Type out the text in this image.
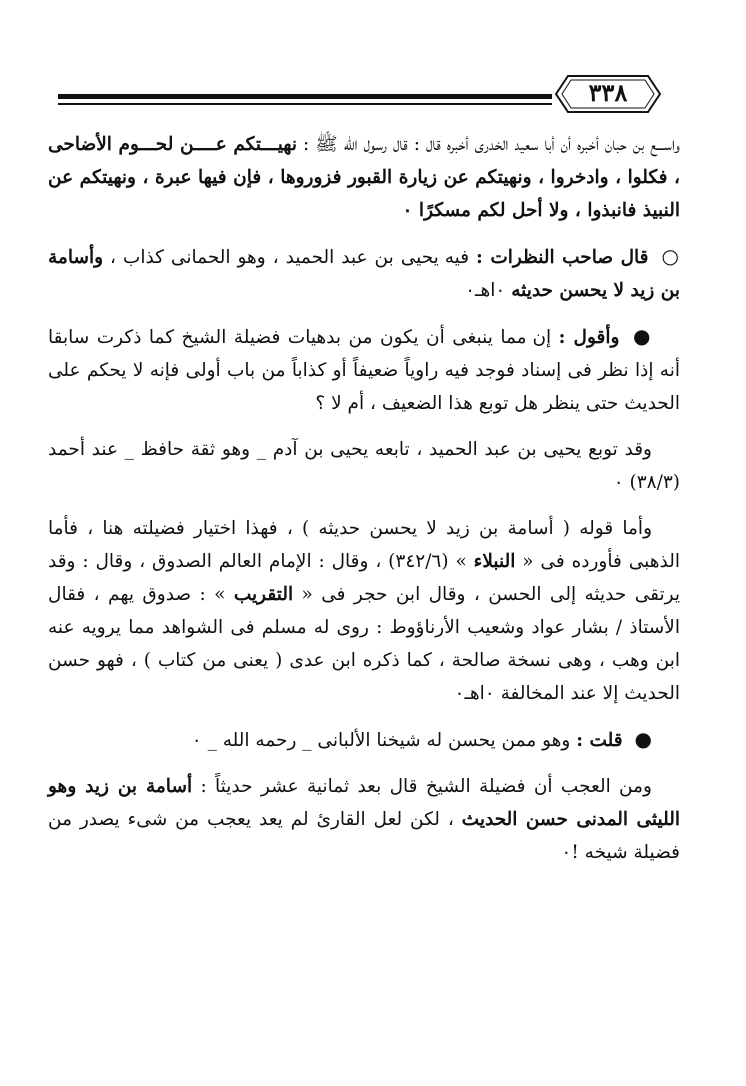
٣٣٨

واســـع بن حبان أخبره أن أبا سعيد الخدرى أخبره قال : قال رسول الله ﷺ : نهيـــتكم عــــن لحـــوم الأضاحى ، فكلوا ، وادخروا ، ونهيتكم عن زيارة القبور فزوروها ، فإن فيها عبرة ، ونهيتكم عن النبيذ فانبذوا ، ولا أحل لكم مسكرًا ٠

○ قال صاحب النظرات : فيه يحيى بن عبد الحميد ، وهو الحمانى كذاب ، وأسامة بن زيد لا يحسن حديثه ٠اهـ٠

● وأقول : إن مما ينبغى أن يكون من بدهيات فضيلة الشيخ كما ذكرت سابقا أنه إذا نظر فى إسناد فوجد فيه راوياً ضعيفاً أو كذاباً من باب أولى فإنه لا يحكم على الحديث حتى ينظر هل توبع هذا الضعيف ، أم لا ؟

وقد توبع يحيى بن عبد الحميد ، تابعه يحيى بن آدم _ وهو ثقة حافظ _ عند أحمد (٣٨/٣) ٠

وأما قوله ( أسامة بن زيد لا يحسن حديثه ) ، فهذا اختيار فضيلته هنا ، فأما الذهبى فأورده فى « النبلاء » (٣٤٢/٦) ، وقال : الإمام العالم الصدوق ، وقال : وقد يرتقى حديثه إلى الحسن ، وقال ابن حجر فى « التقريب » : صدوق يهم ، فقال الأستاذ / بشار عواد وشعيب الأرناؤوط : روى له مسلم فى الشواهد مما يرويه عنه ابن وهب ، وهى نسخة صالحة ، كما ذكره ابن عدى ( يعنى من كتاب ) ، فهو حسن الحديث إلا عند المخالفة ٠اهـ٠

● قلت : وهو ممن يحسن له شيخنا الألبانى _ رحمه الله _ ٠

ومن العجب أن فضيلة الشيخ قال بعد ثمانية عشر حديثاً : أسامة بن زيد وهو الليثى المدنى حسن الحديث ، لكن لعل القارئ لم يعد يعجب من شىء يصدر من فضيلة شيخه !٠
